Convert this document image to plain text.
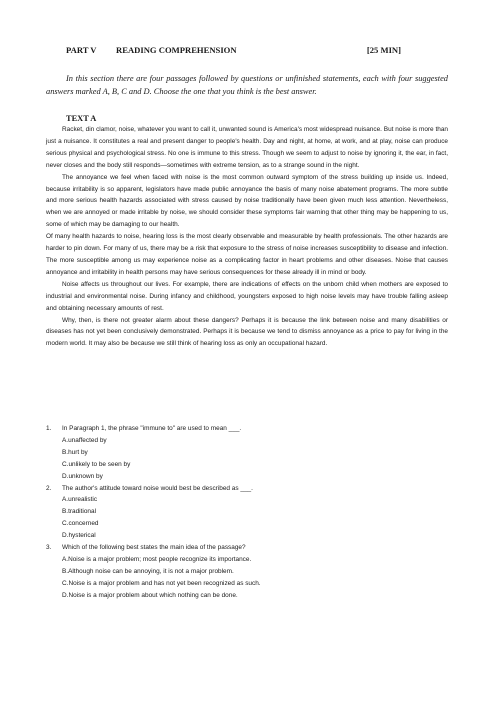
PART V READING COMPREHENSION	[25 MIN]
In this section there are four passages followed by questions or unfinished statements, each with four suggested answers marked A, B, C and D. Choose the one that you think is the best answer.
TEXT A

Racket, din clamor, noise, whatever you want to call it, unwanted sound is America's most widespread nuisance. But noise is more than just a nuisance. It constitutes a real and present danger to people's health. Day and night, at home, at work, and at play, noise can produce serious physical and psychological stress. No one is immune to this stress. Though we seem to adjust to noise by ignoring it, the ear, in fact, never closes and the body still responds—sometimes with extreme tension, as to a strange sound in the night.

The annoyance we feel when faced with noise is the most common outward symptom of the stress building up inside us. Indeed, because irritability is so apparent, legislators have made public annoyance the basis of many noise abatement programs. The more subtle and more serious health hazards associated with stress caused by noise traditionally have been given much less attention. Nevertheless, when we are annoyed or made irritable by noise, we should consider these symptoms fair warning that other thing may be happening to us, some of which may be damaging to our health.

Of many health hazards to noise, hearing loss is the most clearly observable and measurable by health professionals. The other hazards are harder to pin down. For many of us, there may be a risk that exposure to the stress of noise increases susceptibility to disease and infection. The more susceptible among us may experience noise as a complicating factor in heart problems and other diseases. Noise that causes annoyance and irritability in health persons may have serious consequences for these already ill in mind or body.

Noise affects us throughout our lives. For example, there are indications of effects on the unborn child when mothers are exposed to industrial and environmental noise. During infancy and childhood, youngsters exposed to high noise levels may have trouble falling asleep and obtaining necessary amounts of rest.

Why, then, is there not greater alarm about these dangers? Perhaps it is because the link between noise and many disabilities or diseases has not yet been conclusively demonstrated. Perhaps it is because we tend to dismiss annoyance as a price to pay for living in the modern world. It may also be because we still think of hearing loss as only an occupational hazard.

1. In Paragraph 1, the phrase "immune to" are used to mean ___.
A.unaffected by
B.hurt by
C.unlikely to be seen by
D.unknown by
2. The author's attitude toward noise would best be described as ___.
A.unrealistic
B.traditional
C.concerned
D.hysterical
3. Which of the following best states the main idea of the passage?
A.Noise is a major problem; most people recognize its importance.
B.Although noise can be annoying, it is not a major problem.
C.Noise is a major problem and has not yet been recognized as such.
D.Noise is a major problem about which nothing can be done.
